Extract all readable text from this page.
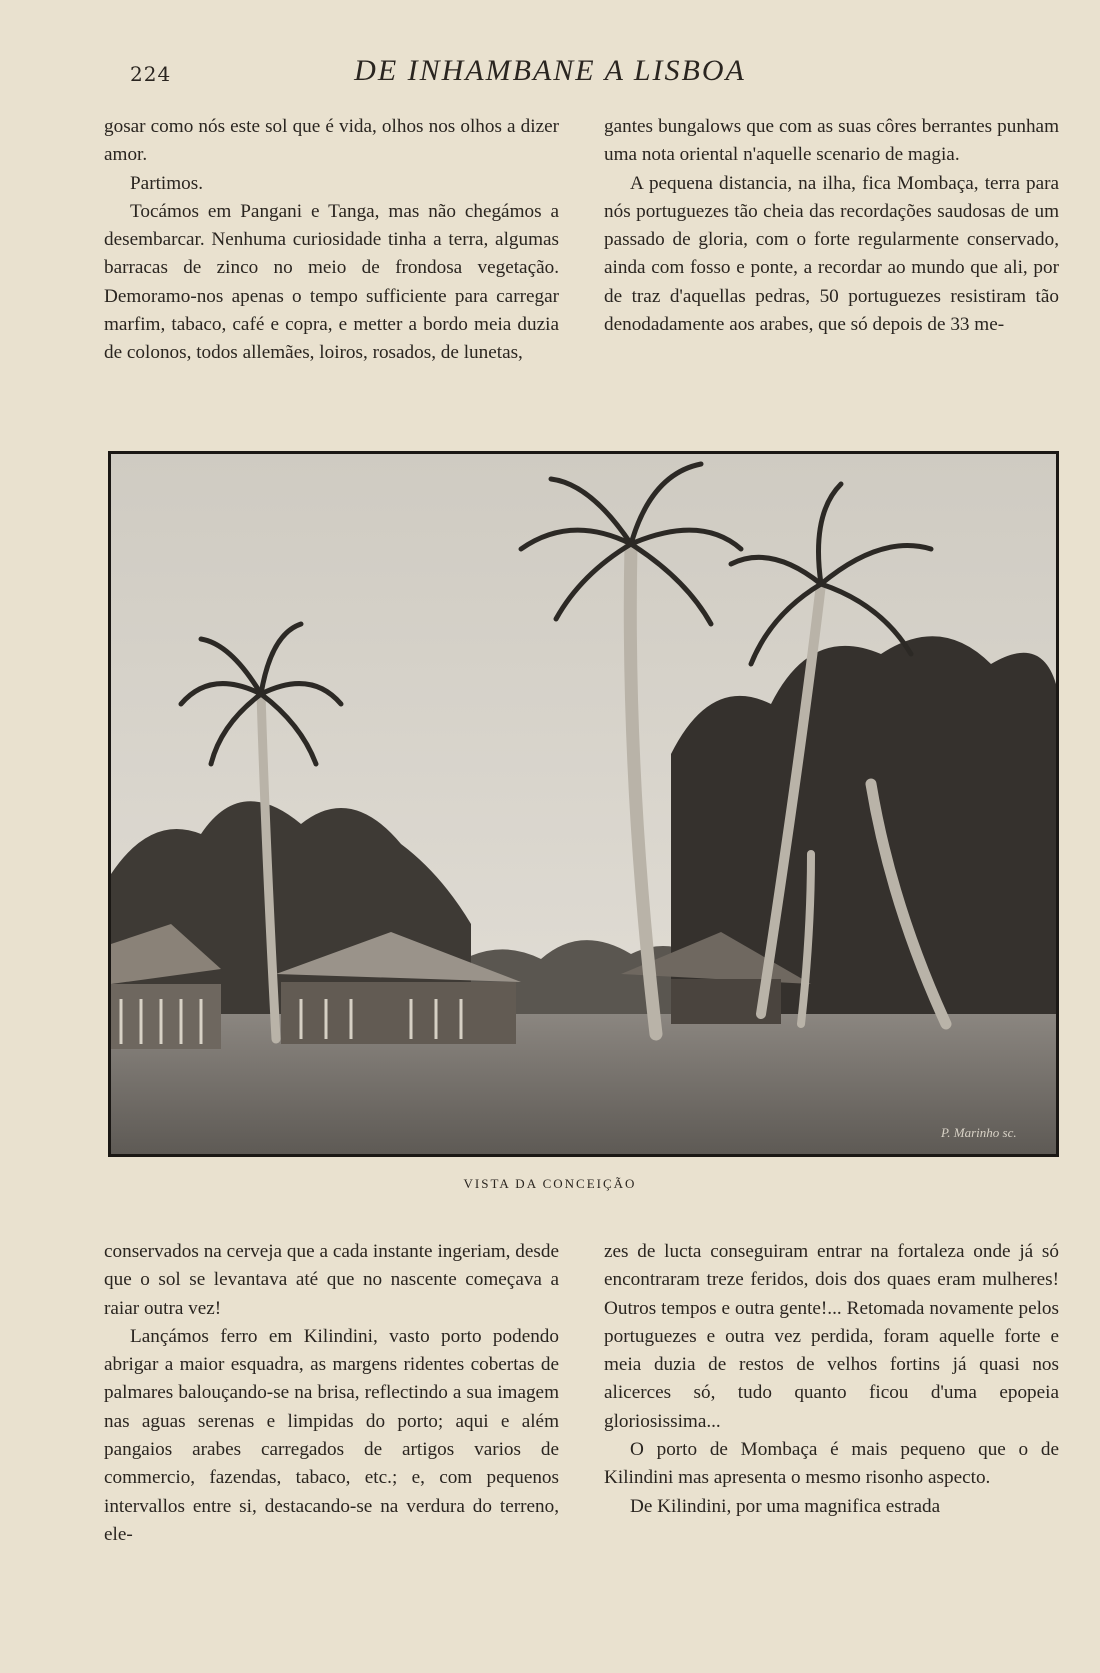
224	DE INHAMBANE A LISBOA

gosar como nós este sol que é vida, olhos nos olhos a dizer amor.

Partimos.

Tocámos em Pangani e Tanga, mas não chegámos a desembarcar. Nenhuma curiosidade tinha a terra, algumas barracas de zinco no meio de frondosa vegetação. Demoramo-nos apenas o tempo sufficiente para carregar marfim, tabaco, café e copra, e metter a bordo meia duzia de colonos, todos allemães, loiros, rosados, de lunetas,

gantes bungalows que com as suas côres berrantes punham uma nota oriental n'aquelle scenario de magia.

A pequena distancia, na ilha, fica Mombaça, terra para nós portuguezes tão cheia das recordações saudosas de um passado de gloria, com o forte regularmente conservado, ainda com fosso e ponte, a recordar ao mundo que ali, por de traz d'aquellas pedras, 50 portuguezes resistiram tão denodadamente aos arabes, que só depois de 33 me-

P. Marinho sc.
VISTA DA CONCEIÇÃO

conservados na cerveja que a cada instante ingeriam, desde que o sol se levantava até que no nascente começava a raiar outra vez!

Lançámos ferro em Kilindini, vasto porto podendo abrigar a maior esquadra, as margens ridentes cobertas de palmares balouçando-se na brisa, reflectindo a sua imagem nas aguas serenas e limpidas do porto; aqui e além pangaios arabes carregados de artigos varios de commercio, fazendas, tabaco, etc.; e, com pequenos intervallos entre si, destacando-se na verdura do terreno, ele-

zes de lucta conseguiram entrar na fortaleza onde já só encontraram treze feridos, dois dos quaes eram mulheres! Outros tempos e outra gente!... Retomada novamente pelos portuguezes e outra vez perdida, foram aquelle forte e meia duzia de restos de velhos fortins já quasi nos alicerces só, tudo quanto ficou d'uma epopeia gloriosissima...

O porto de Mombaça é mais pequeno que o de Kilindini mas apresenta o mesmo risonho aspecto.

De Kilindini, por uma magnifica estrada
